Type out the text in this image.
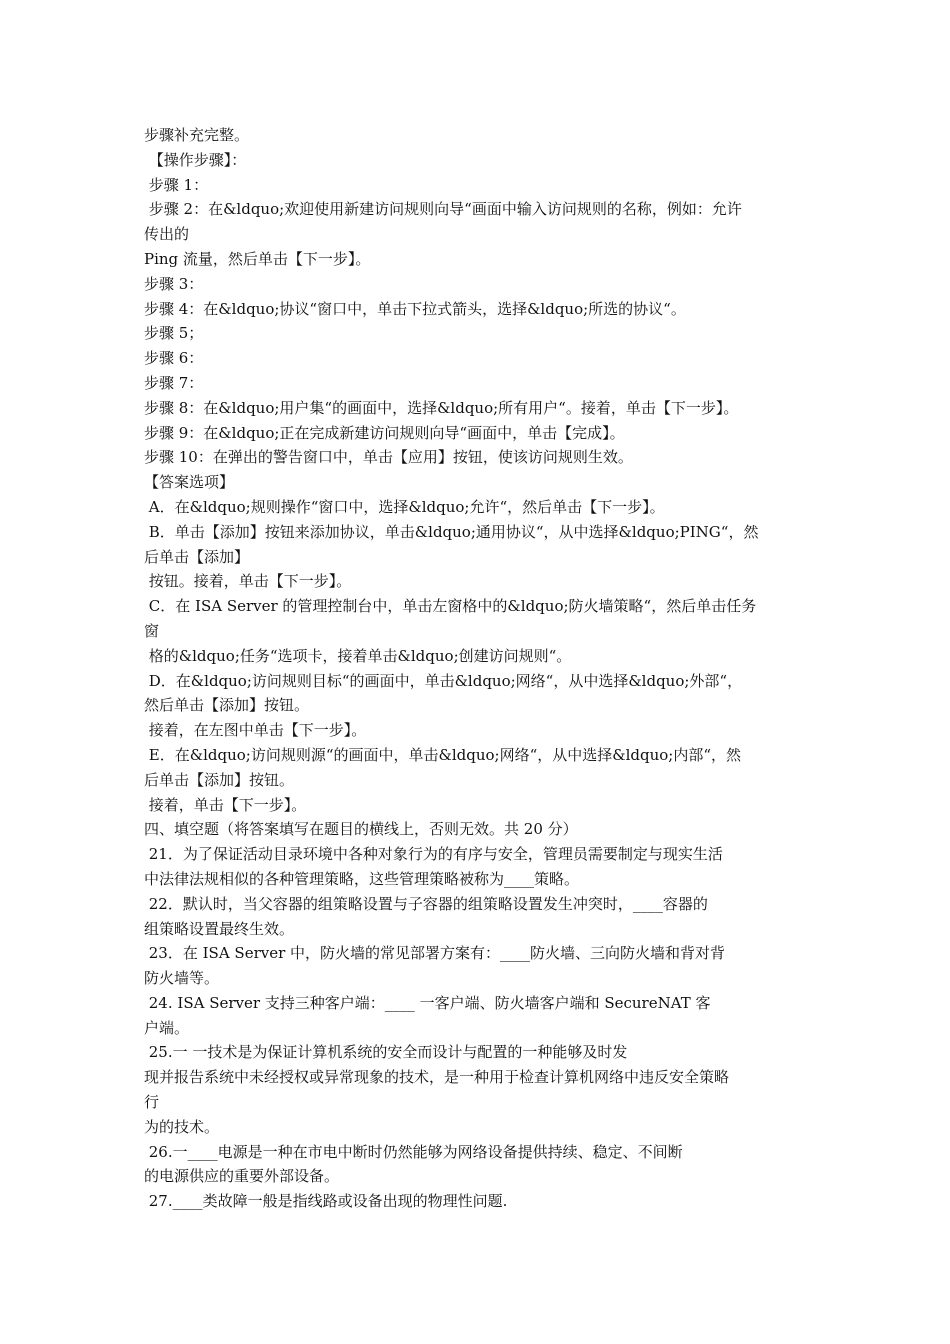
步骤补充完整。
【操作步骤】：
步骤 1：
步骤 2：在&ldquo;欢迎使用新建访问规则向导“画面中输入访问规则的名称，例如：允许
传出的
Ping 流量，然后单击【下一步】。
步骤 3：
步骤 4：在&ldquo;协议“窗口中，单击下拉式箭头，选择&ldquo;所选的协议“。
步骤 5；
步骤 6：
步骤 7：
步骤 8：在&ldquo;用户集“的画面中，选择&ldquo;所有用户“。接着，单击【下一步】。
步骤 9：在&ldquo;正在完成新建访问规则向导“画面中，单击【完成】。
步骤 10：在弹出的警告窗口中，单击【应用】按钮，使该访问规则生效。
【答案选项】
A．在&ldquo;规则操作“窗口中，选择&ldquo;允许“，然后单击【下一步】。
B．单击【添加】按钮来添加协议，单击&ldquo;通用协议“，从中选择&ldquo;PING“，然
后单击【添加】
按钮。接着，单击【下一步】。
C．在 ISA Server 的管理控制台中，单击左窗格中的&ldquo;防火墙策略“，然后单击任务
窗
格的&ldquo;任务“选项卡，接着单击&ldquo;创建访问规则“。
D．在&ldquo;访问规则目标“的画面中，单击&ldquo;网络“，从中选择&ldquo;外部“，
然后单击【添加】按钮。
接着，在左图中单击【下一步】。
E．在&ldquo;访问规则源“的画面中，单击&ldquo;网络“，从中选择&ldquo;内部“，然
后单击【添加】按钮。
接着，单击【下一步】。
四、填空题（将答案填写在题目的横线上，否则无效。共 20 分）
21．为了保证活动目录环境中各种对象行为的有序与安全，管理员需要制定与现实生活
中法律法规相似的各种管理策略，这些管理策略被称为____策略。
22．默认时，当父容器的组策略设置与子容器的组策略设置发生冲突时，____容器的
组策略设置最终生效。
23．在 ISA Server 中，防火墙的常见部署方案有：____防火墙、三向防火墙和背对背
防火墙等。
24. ISA Server 支持三种客户端：____ 一客户端、防火墙客户端和 SecureNAT 客
户端。
25.一 一技术是为保证计算机系统的安全而设计与配置的一种能够及时发
现并报告系统中未经授权或异常现象的技术，是一种用于检查计算机网络中违反安全策略
行
为的技术。
26.一____电源是一种在市电中断时仍然能够为网络设备提供持续、稳定、不间断
的电源供应的重要外部设备。
27.____类故障一般是指线路或设备出现的物理性问题.
